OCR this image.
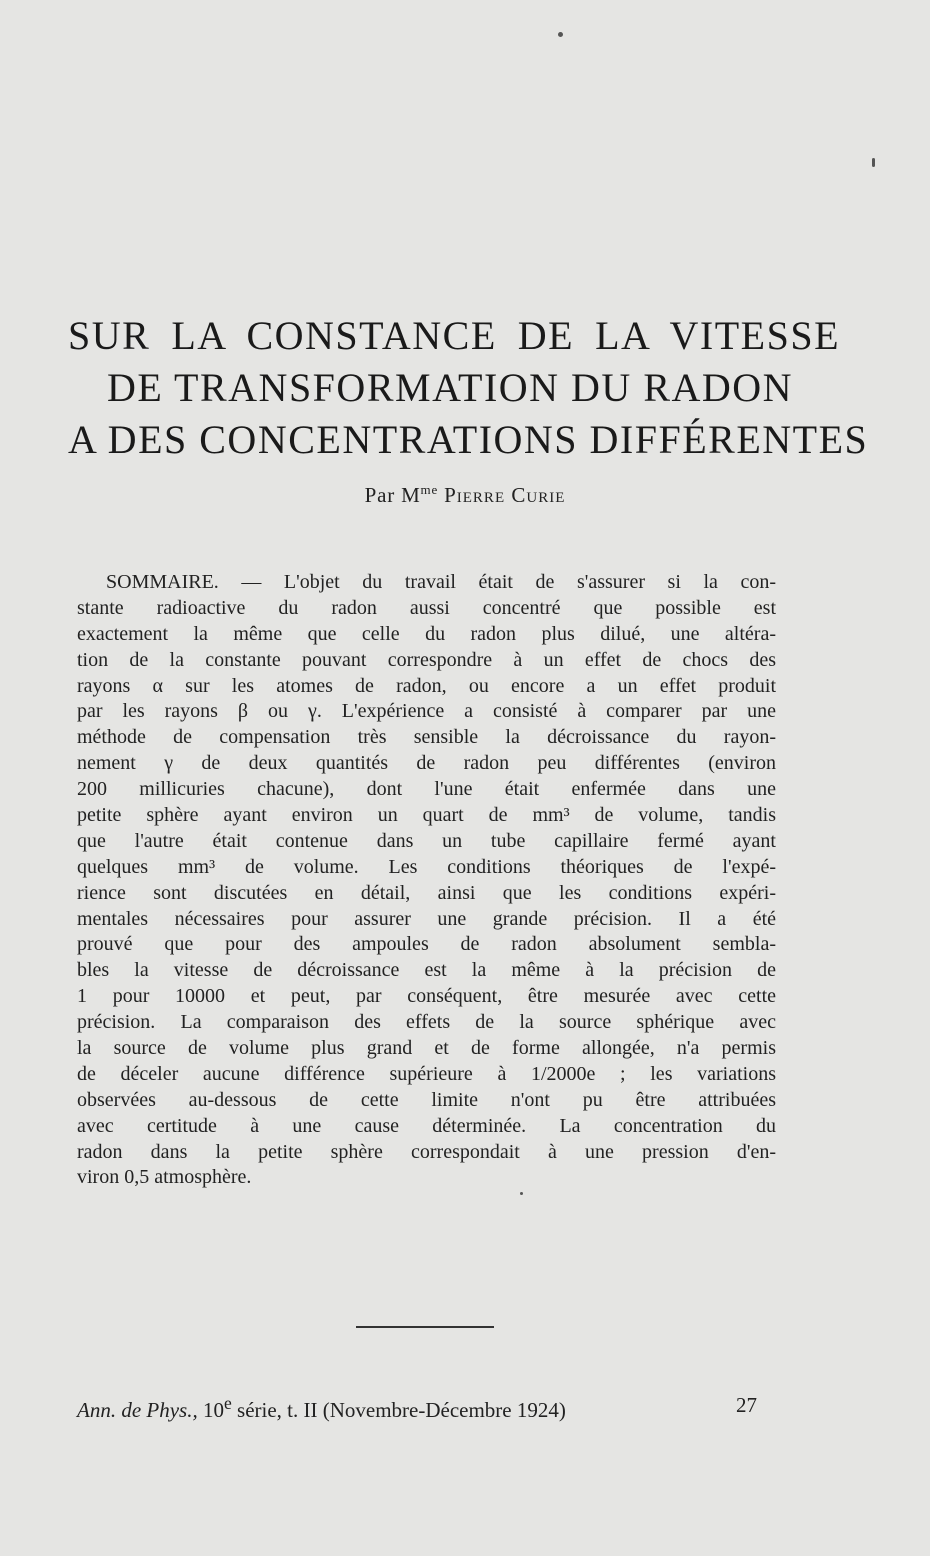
SUR LA CONSTANCE DE LA VITESSE
DE TRANSFORMATION DU RADON
A DES CONCENTRATIONS DIFFÉRENTES
Par $M^{me}$ Pierre Curie
SOMMAIRE. — L'objet du travail était de s'assurer si la con-
stante radioactive du radon aussi concentré que possible est
exactement la même que celle du radon plus dilué, une altéra-
tion de la constante pouvant correspondre à un effet de chocs des
rayons α sur les atomes de radon, ou encore a un effet produit
par les rayons β ou γ. L'expérience a consisté à comparer par une
méthode de compensation très sensible la décroissance du rayon-
nement γ de deux quantités de radon peu différentes (environ
200 millicuries chacune), dont l'une était enfermée dans une
petite sphère ayant environ un quart de mm³ de volume, tandis
que l'autre était contenue dans un tube capillaire fermé ayant
quelques mm³ de volume. Les conditions théoriques de l'expé-
rience sont discutées en détail, ainsi que les conditions expéri-
mentales nécessaires pour assurer une grande précision. Il a été
prouvé que pour des ampoules de radon absolument sembla-
bles la vitesse de décroissance est la même à la précision de
1 pour 10000 et peut, par conséquent, être mesurée avec cette
précision. La comparaison des effets de la source sphérique avec
la source de volume plus grand et de forme allongée, n'a permis
de déceler aucune différence supérieure à 1/2000e ; les variations
observées au-dessous de cette limite n'ont pu être attribuées
avec certitude à une cause déterminée. La concentration du
radon dans la petite sphère correspondait à une pression d'en-
viron 0,5 atmosphère.
Ann. de Phys., 10e série, t. II (Novembre-Décembre 1924)	27
